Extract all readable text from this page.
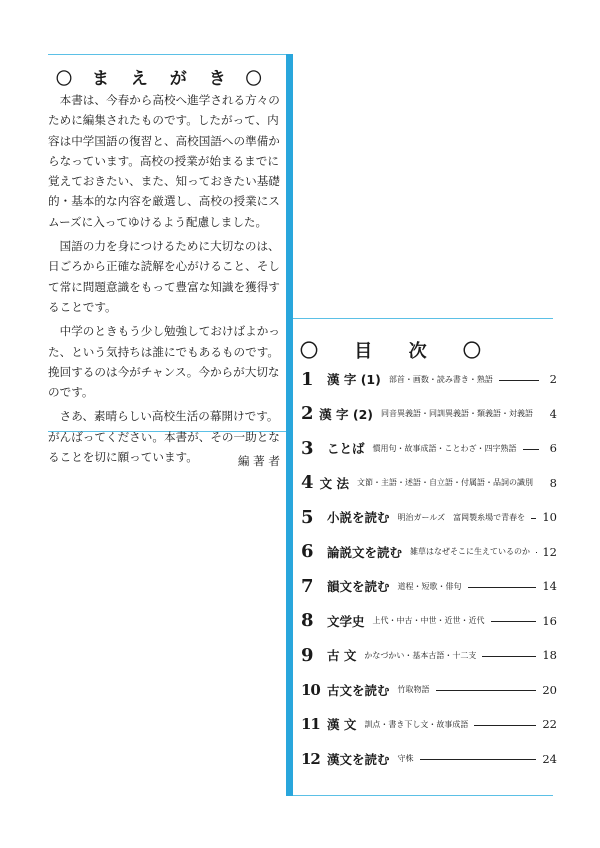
〇 ま え が き 〇

本書は、今春から高校へ進学される方々のために編集されたものです。したがって、内容は中学国語の復習と、高校国語への準備からなっています。高校の授業が始まるまでに覚えておきたい、また、知っておきたい基礎的・基本的な内容を厳選し、高校の授業にスムーズに入ってゆけるよう配慮しました。

国語の力を身につけるために大切なのは、日ごろから正確な読解を心がけること、そして常に問題意識をもって豊富な知識を獲得することです。

中学のときもう少し勉強しておけばよかった、という気持ちは誰にでもあるものです。挽回するのは今がチャンス。今からが大切なのです。

さあ、素晴らしい高校生活の幕開けです。がんばってください。本書が、その一助となることを切に願っています。	編 著 者
〇 目 次 〇
1	漢 字 (1) 部首・画数・読み書き・熟語	2
2 漢 字 (2) 同音異義語・同訓異義語・類義語・対義語	4
3	ことば 慣用句・故事成語・ことわざ・四字熟語	6
4 文 法 文節・主語・述語・自立語・付属語・品詞の識別	8
5	小説を読む 明治ガールズ　富岡製糸場で青春を 10
6	論説文を読む 雑草はなぜそこに生えているのか 12
7	韻文を読む 道程・短歌・俳句	14
8	文学史 上代・中古・中世・近世・近代	16
9	古 文 かなづかい・基本古語・十二支	18
10 古文を読む 竹取物語	20
11 漢 文 訓点・書き下し文・故事成語	22
12 漢文を読む 守株	24
